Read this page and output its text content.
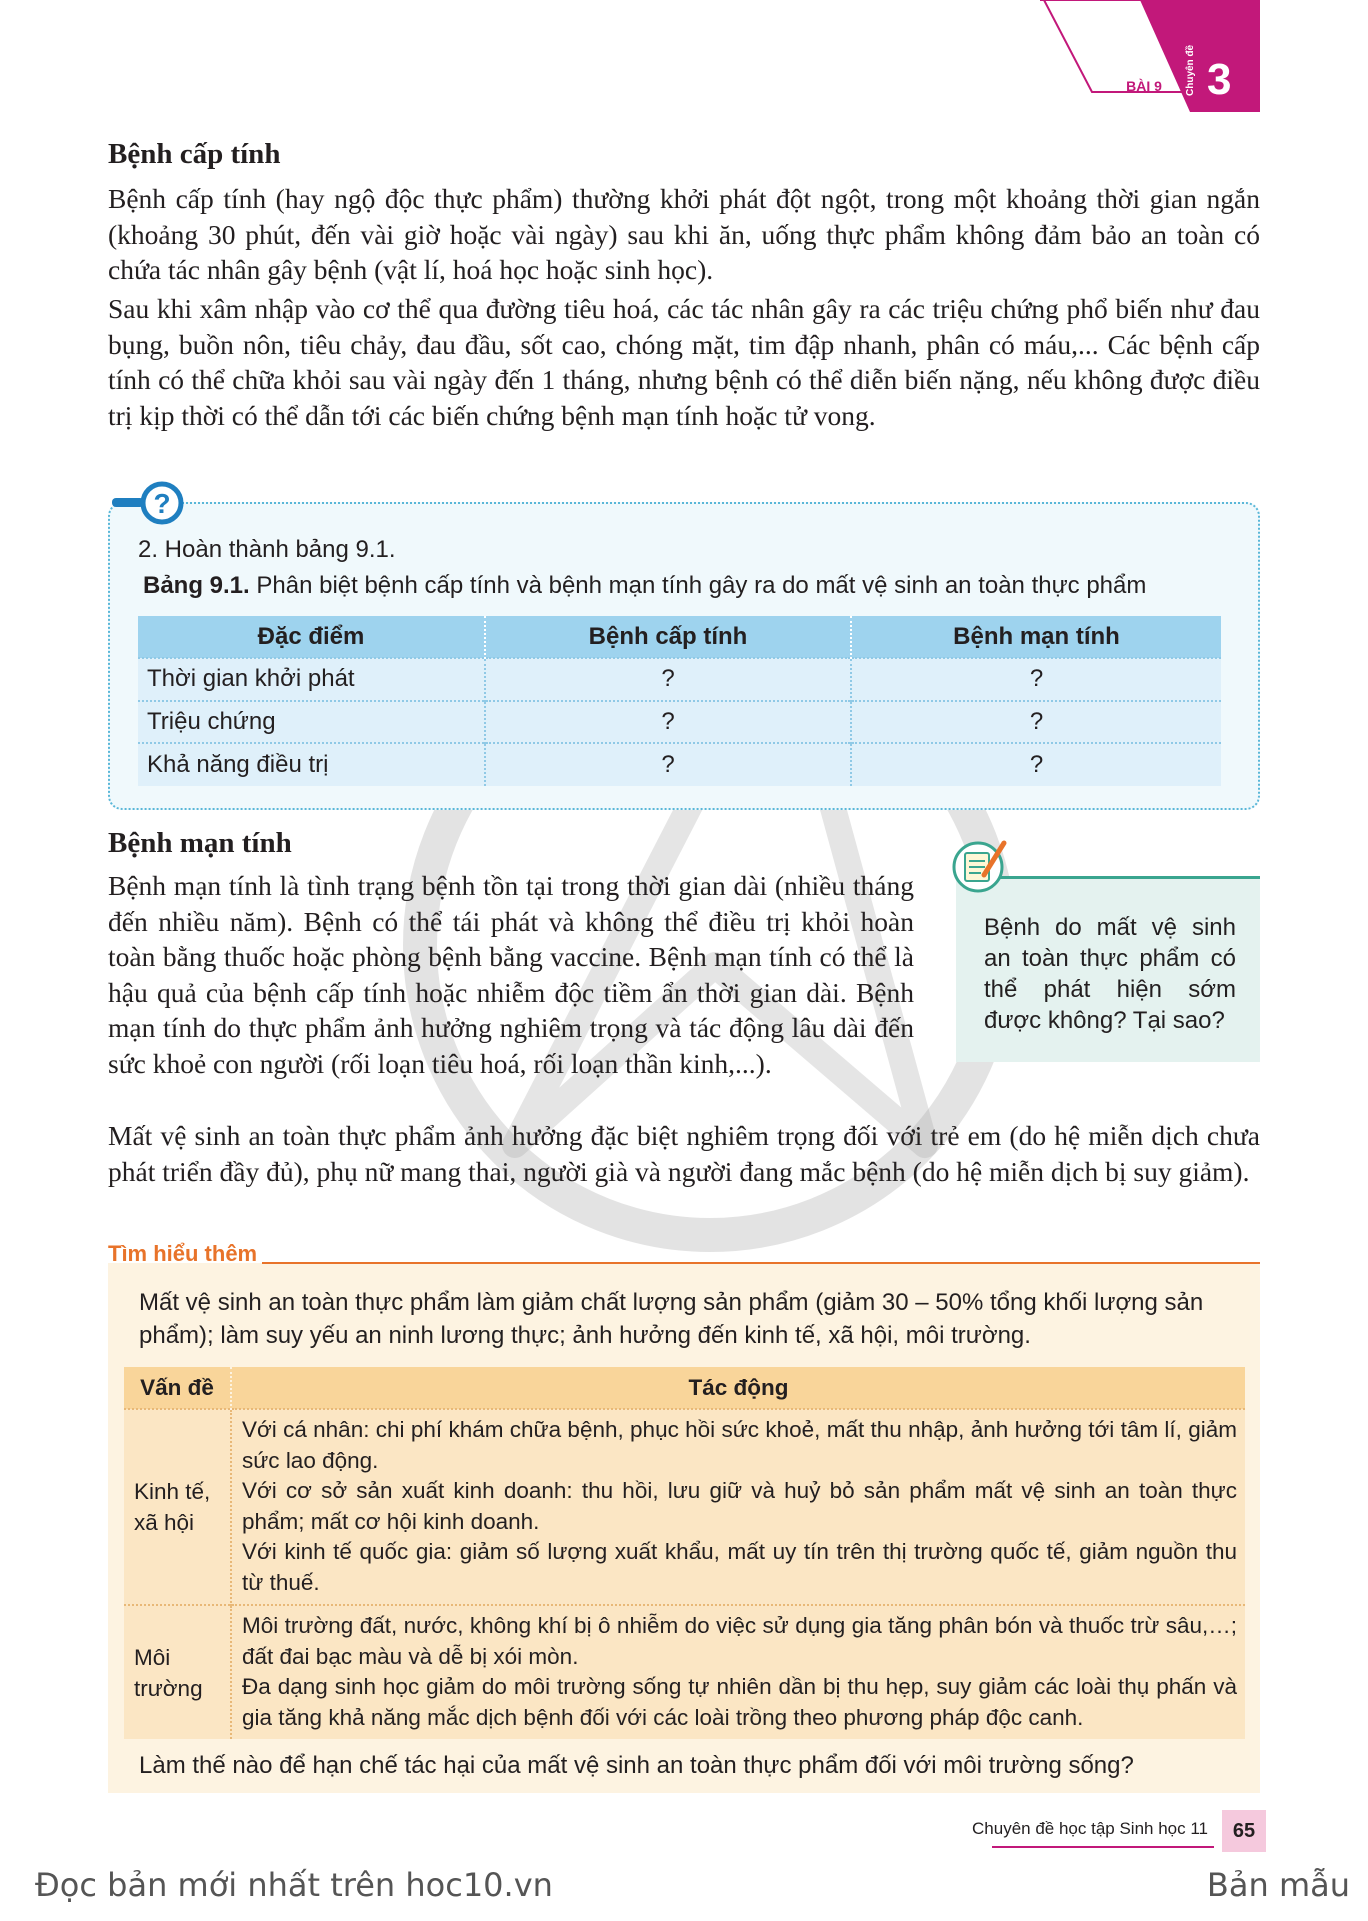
BÀI 9	Chuyên đề 3
Bệnh cấp tính
Bệnh cấp tính (hay ngộ độc thực phẩm) thường khởi phát đột ngột, trong một khoảng thời gian ngắn (khoảng 30 phút, đến vài giờ hoặc vài ngày) sau khi ăn, uống thực phẩm không đảm bảo an toàn có chứa tác nhân gây bệnh (vật lí, hoá học hoặc sinh học).
Sau khi xâm nhập vào cơ thể qua đường tiêu hoá, các tác nhân gây ra các triệu chứng phổ biến như đau bụng, buồn nôn, tiêu chảy, đau đầu, sốt cao, chóng mặt, tim đập nhanh, phân có máu,... Các bệnh cấp tính có thể chữa khỏi sau vài ngày đến 1 tháng, nhưng bệnh có thể diễn biến nặng, nếu không được điều trị kịp thời có thể dẫn tới các biến chứng bệnh mạn tính hoặc tử vong.
?
2. Hoàn thành bảng 9.1.
Bảng 9.1. Phân biệt bệnh cấp tính và bệnh mạn tính gây ra do mất vệ sinh an toàn thực phẩm
Đặc điểm	Bệnh cấp tính	Bệnh mạn tính
Thời gian khởi phát	?	?
Triệu chứng	?	?
Khả năng điều trị	?	?
Bệnh mạn tính
Bệnh mạn tính là tình trạng bệnh tồn tại trong thời gian dài (nhiều tháng đến nhiều năm). Bệnh có thể tái phát và không thể điều trị khỏi hoàn toàn bằng thuốc hoặc phòng bệnh bằng vaccine. Bệnh mạn tính có thể là hậu quả của bệnh cấp tính hoặc nhiễm độc tiềm ẩn thời gian dài. Bệnh mạn tính do thực phẩm ảnh hưởng nghiêm trọng và tác động lâu dài đến sức khoẻ con người (rối loạn tiêu hoá, rối loạn thần kinh,...).
Mất vệ sinh an toàn thực phẩm ảnh hưởng đặc biệt nghiêm trọng đối với trẻ em (do hệ miễn dịch chưa phát triển đầy đủ), phụ nữ mang thai, người già và người đang mắc bệnh (do hệ miễn dịch bị suy giảm).
Bệnh do mất vệ sinh an toàn thực phẩm có thể phát hiện sớm được không? Tại sao?
Tìm hiểu thêm
Mất vệ sinh an toàn thực phẩm làm giảm chất lượng sản phẩm (giảm 30 – 50% tổng khối lượng sản phẩm); làm suy yếu an ninh lương thực; ảnh hưởng đến kinh tế, xã hội, môi trường.
Vấn đề	Tác động
Kinh tế, xã hội	Với cá nhân: chi phí khám chữa bệnh, phục hồi sức khoẻ, mất thu nhập, ảnh hưởng tới tâm lí, giảm sức lao động.

Với cơ sở sản xuất kinh doanh: thu hồi, lưu giữ và huỷ bỏ sản phẩm mất vệ sinh an toàn thực phẩm; mất cơ hội kinh doanh.

Với kinh tế quốc gia: giảm số lượng xuất khẩu, mất uy tín trên thị trường quốc tế, giảm nguồn thu từ thuế.

Môi trường	Môi trường đất, nước, không khí bị ô nhiễm do việc sử dụng gia tăng phân bón và thuốc trừ sâu,…; đất đai bạc màu và dễ bị xói mòn.

Đa dạng sinh học giảm do môi trường sống tự nhiên dần bị thu hẹp, suy giảm các loài thụ phấn và gia tăng khả năng mắc dịch bệnh đối với các loài trồng theo phương pháp độc canh.

Làm thế nào để hạn chế tác hại của mất vệ sinh an toàn thực phẩm đối với môi trường sống?
Chuyên đề học tập Sinh học 11	65
Đọc bản mới nhất trên hoc10.vn	Bản mẫu
